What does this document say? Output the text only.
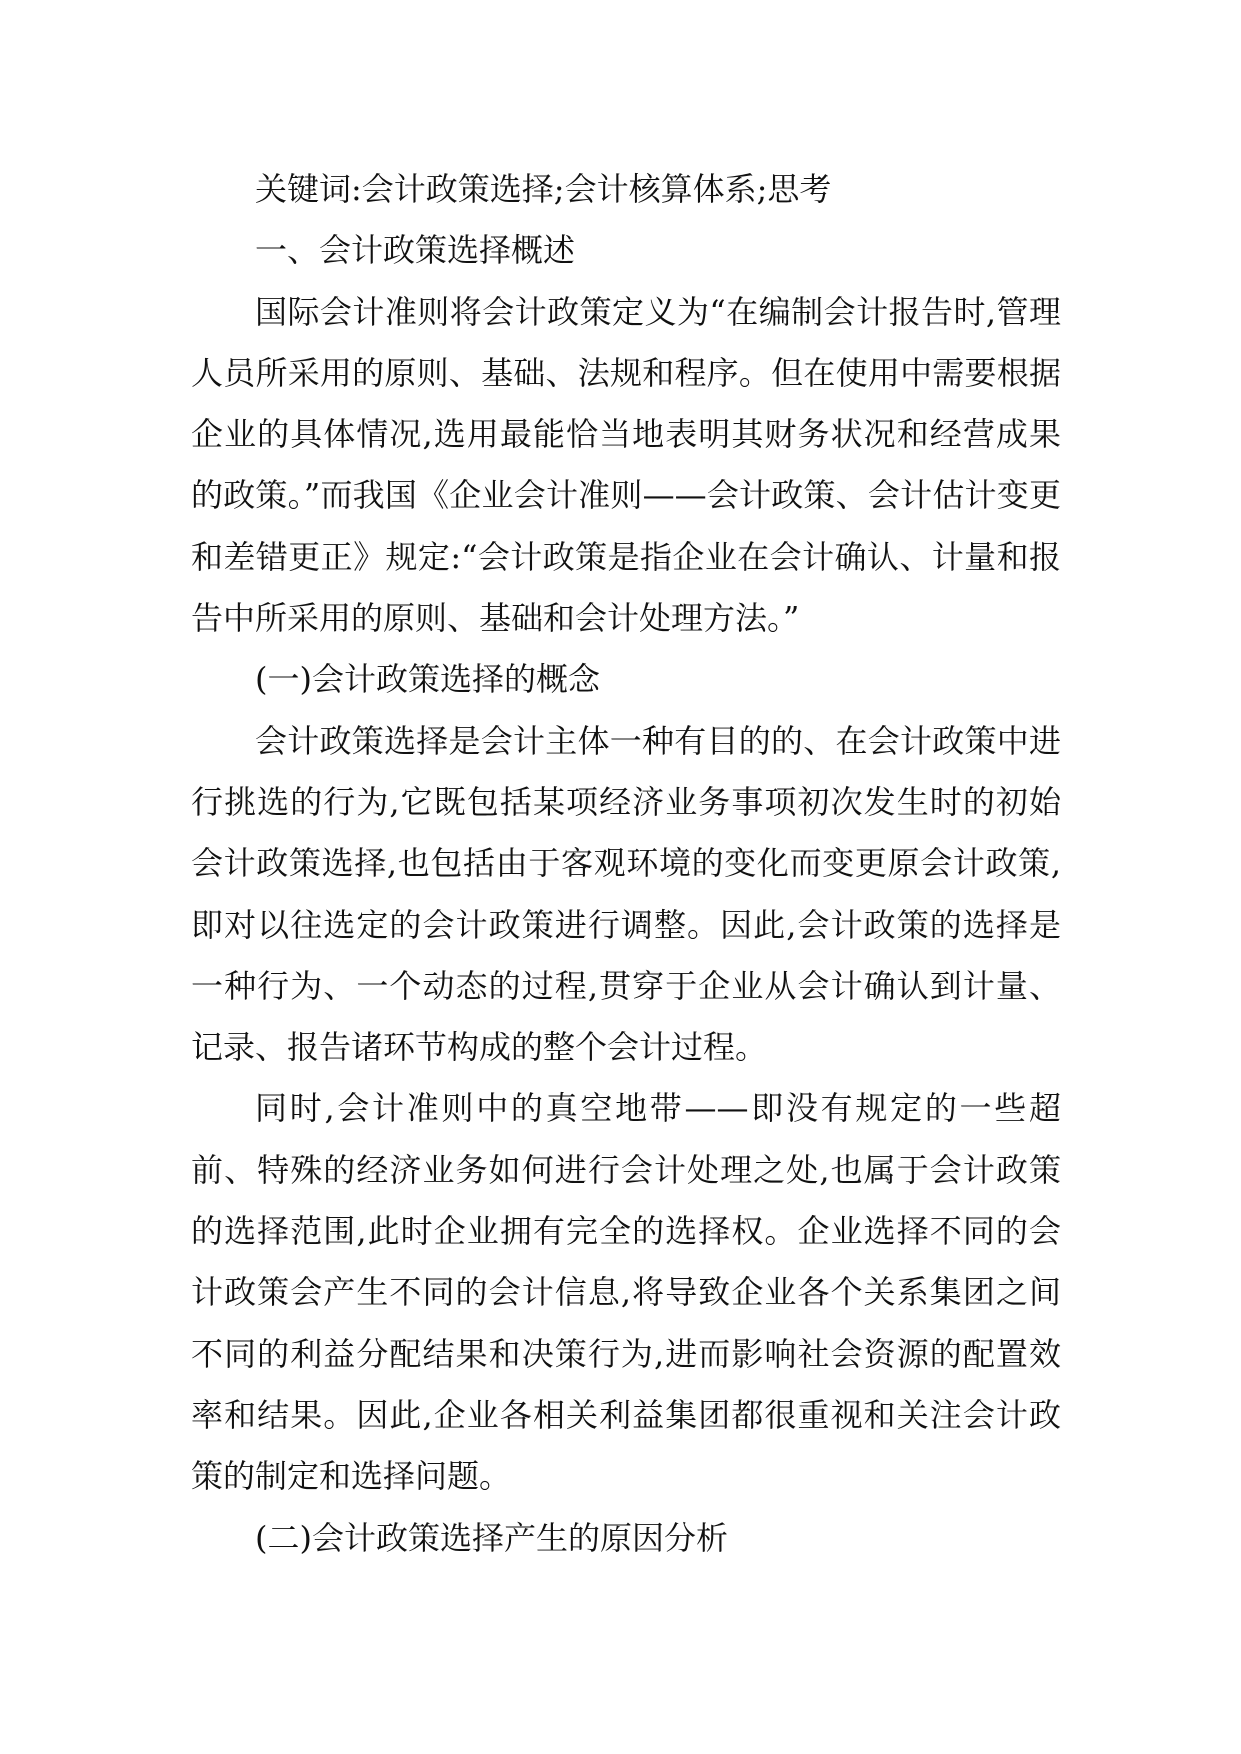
关键词:会计政策选择;会计核算体系;思考

一、会计政策选择概述

国际会计准则将会计政策定义为“在编制会计报告时,管理人员所采用的原则、基础、法规和程序。但在使用中需要根据企业的具体情况,选用最能恰当地表明其财务状况和经营成果的政策。”而我国《企业会计准则——会计政策、会计估计变更和差错更正》规定:“会计政策是指企业在会计确认、计量和报告中所采用的原则、基础和会计处理方法。”

(一)会计政策选择的概念

会计政策选择是会计主体一种有目的的、在会计政策中进行挑选的行为,它既包括某项经济业务事项初次发生时的初始会计政策选择,也包括由于客观环境的变化而变更原会计政策,即对以往选定的会计政策进行调整。因此,会计政策的选择是一种行为、一个动态的过程,贯穿于企业从会计确认到计量、记录、报告诸环节构成的整个会计过程。

同时,会计准则中的真空地带——即没有规定的一些超前、特殊的经济业务如何进行会计处理之处,也属于会计政策的选择范围,此时企业拥有完全的选择权。企业选择不同的会计政策会产生不同的会计信息,将导致企业各个关系集团之间不同的利益分配结果和决策行为,进而影响社会资源的配置效率和结果。因此,企业各相关利益集团都很重视和关注会计政策的制定和选择问题。

(二)会计政策选择产生的原因分析
